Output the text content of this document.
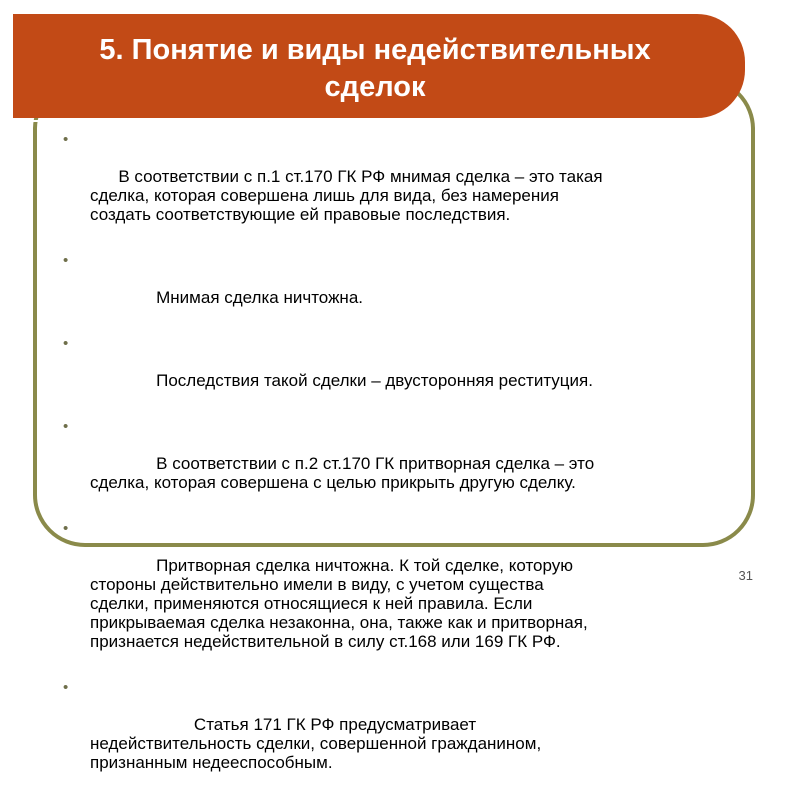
5. Понятие и виды недействительных
сделок

•

В соответствии с п.1 ст.170 ГК РФ мнимая сделка – это такая
сделка, которая совершена лишь для вида, без намерения
создать соответствующие ей правовые последствия.

•

Мнимая сделка ничтожна.

•

Последствия такой сделки – двусторонняя реституция.

•

В соответствии с п.2 ст.170 ГК притворная сделка – это
сделка, которая совершена с целью прикрыть другую сделку.

•

Притворная сделка ничтожна. К той сделке, которую
стороны действительно имели в виду, с учетом существа
сделки, применяются относящиеся к ней правила. Если
прикрываемая сделка незаконна, она, также как и притворная,
признается недействительной в силу ст.168 или 169 ГК РФ.

•

Статья 171 ГК РФ предусматривает
недействительность сделки, совершенной гражданином,
признанным недееспособным.

31
